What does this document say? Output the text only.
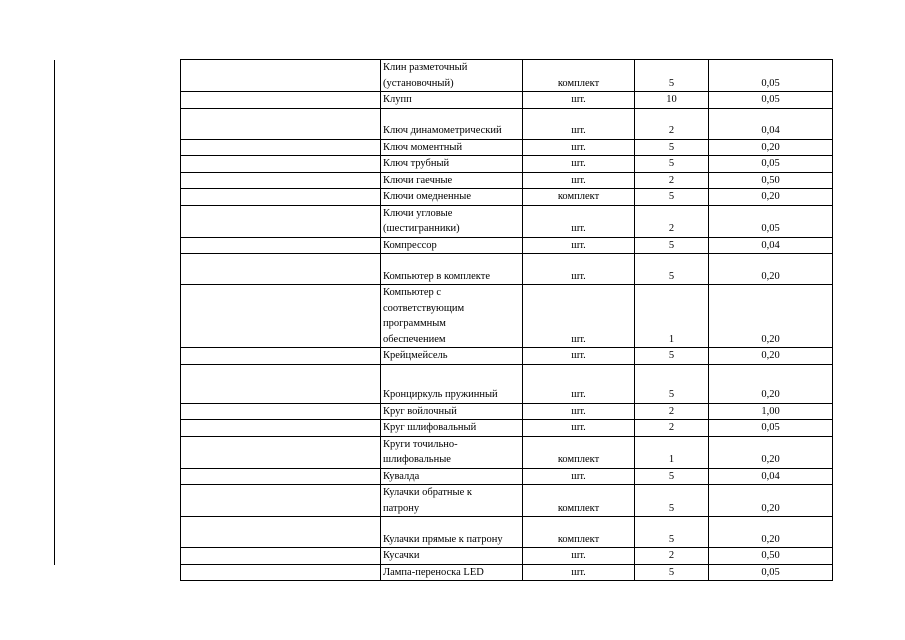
	Клин разметочный
(установочный)	комплект	5	0,05
	Клупп	шт.	10	0,05
	Ключ динамометрический	шт.	2	0,04
	Ключ моментный	шт.	5	0,20
	Ключ трубный	шт.	5	0,05
	Ключи гаечные	шт.	2	0,50
	Ключи омедненные	комплект	5	0,20
	Ключи угловые
(шестигранники)	шт.	2	0,05
	Компрессор	шт.	5	0,04
	Компьютер в комплекте	шт.	5	0,20
	Компьютер с
соответствующим
программным
обеспечением	шт.	1	0,20
	Крейцмейсель	шт.	5	0,20
	Кронциркуль пружинный	шт.	5	0,20
	Круг войлочный	шт.	2	1,00
	Круг шлифовальный	шт.	2	0,05
	Круги точильно-
шлифовальные	комплект	1	0,20
	Кувалда	шт.	5	0,04
	Кулачки обратные к
патрону	комплект	5	0,20
	Кулачки прямые к патрону	комплект	5	0,20
	Кусачки	шт.	2	0,50
	Лампа-переноска LED	шт.	5	0,05
